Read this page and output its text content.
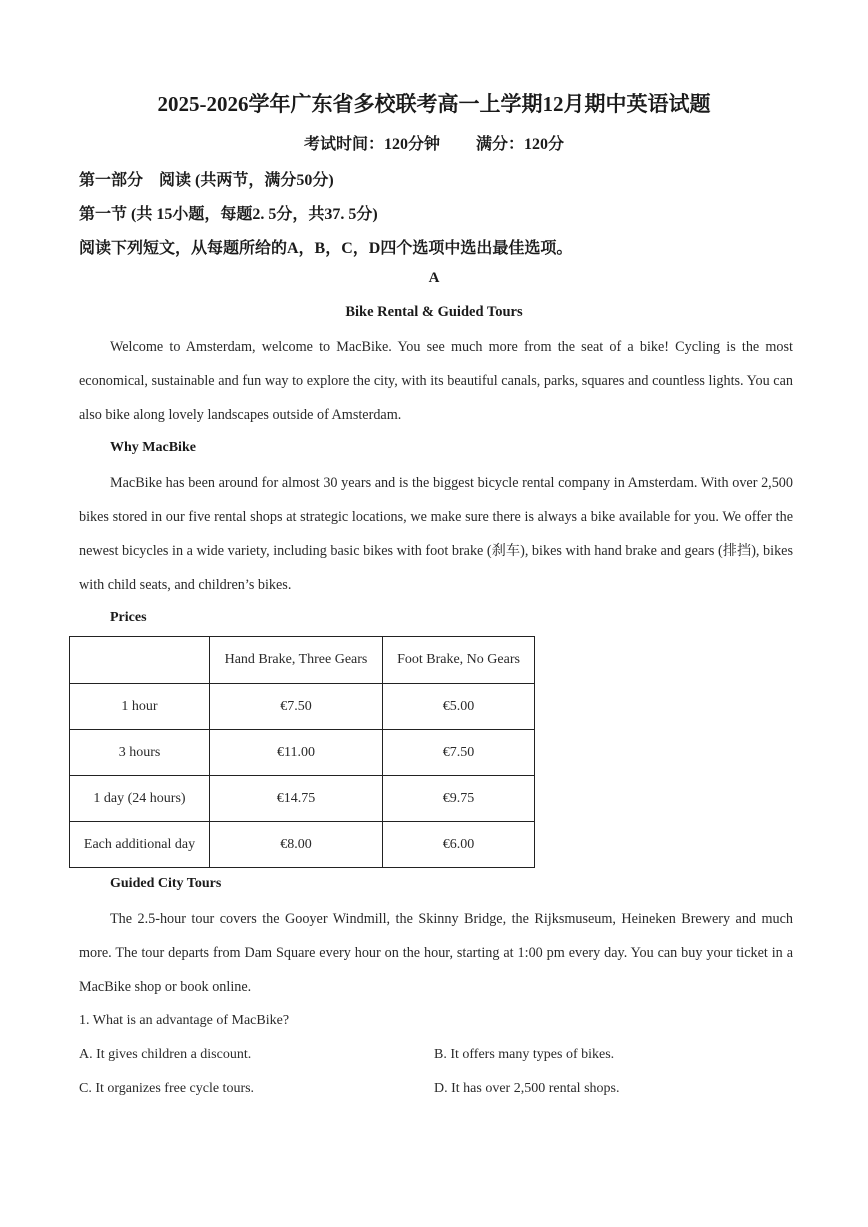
2025-2026学年广东省多校联考高一上学期12月期中英语试题
考试时间：120分钟 满分：120分
第一部分　阅读 (共两节，满分50分)
第一节 (共 15小题，每题2. 5分，共37. 5分)
阅读下列短文，从每题所给的A，B，C，D四个选项中选出最佳选项。
A
Bike Rental & Guided Tours
Welcome to Amsterdam, welcome to MacBike. You see much more from the seat of a bike! Cycling is the most economical, sustainable and fun way to explore the city, with its beautiful canals, parks, squares and countless lights. You can also bike along lovely landscapes outside of Amsterdam.
Why MacBike
MacBike has been around for almost 30 years and is the biggest bicycle rental company in Amsterdam. With over 2,500 bikes stored in our five rental shops at strategic locations, we make sure there is always a bike available for you. We offer the newest bicycles in a wide variety, including basic bikes with foot brake (刹车), bikes with hand brake and gears (排挡), bikes with child seats, and children’s bikes.
Prices
	Hand Brake, Three Gears	Foot Brake, No Gears
1 hour	€7.50	€5.00
3 hours	€11.00	€7.50
1 day (24 hours)	€14.75	€9.75
Each additional day	€8.00	€6.00
Guided City Tours
The 2.5-hour tour covers the Gooyer Windmill, the Skinny Bridge, the Rijksmuseum, Heineken Brewery and much more. The tour departs from Dam Square every hour on the hour, starting at 1:00 pm every day. You can buy your ticket in a MacBike shop or book online.
1. What is an advantage of MacBike?
A. It gives children a discount.	B. It offers many types of bikes.
C. It organizes free cycle tours.	D. It has over 2,500 rental shops.
